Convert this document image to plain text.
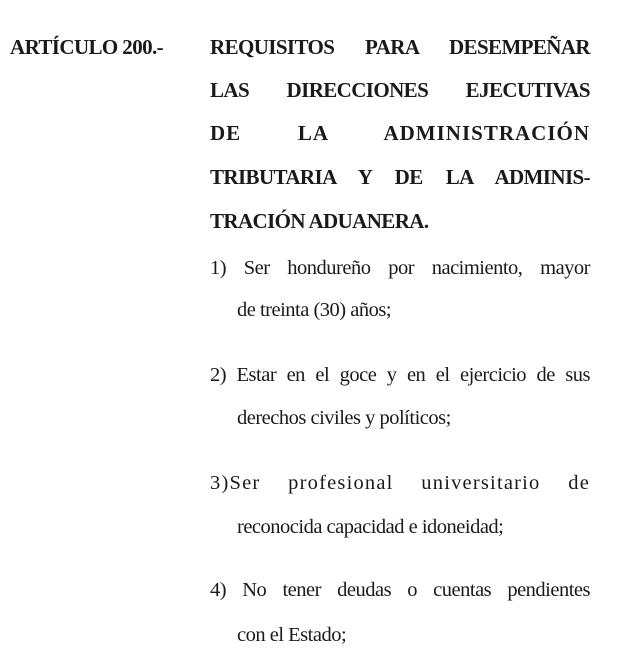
ARTÍCULO 200.- REQUISITOS PARA DESEMPEÑAR
LAS DIRECCIONES EJECUTIVAS
DE LA ADMINISTRACIÓN
TRIBUTARIA Y DE LA ADMINIS-
TRACIÓN ADUANERA.
1) Ser hondureño por nacimiento, mayor
de treinta (30) años;
2) Estar en el goce y en el ejercicio de sus
derechos civiles y políticos;
3)Ser profesional universitario de
reconocida capacidad e idoneidad;
4) No tener deudas o cuentas pendientes
con el Estado;
